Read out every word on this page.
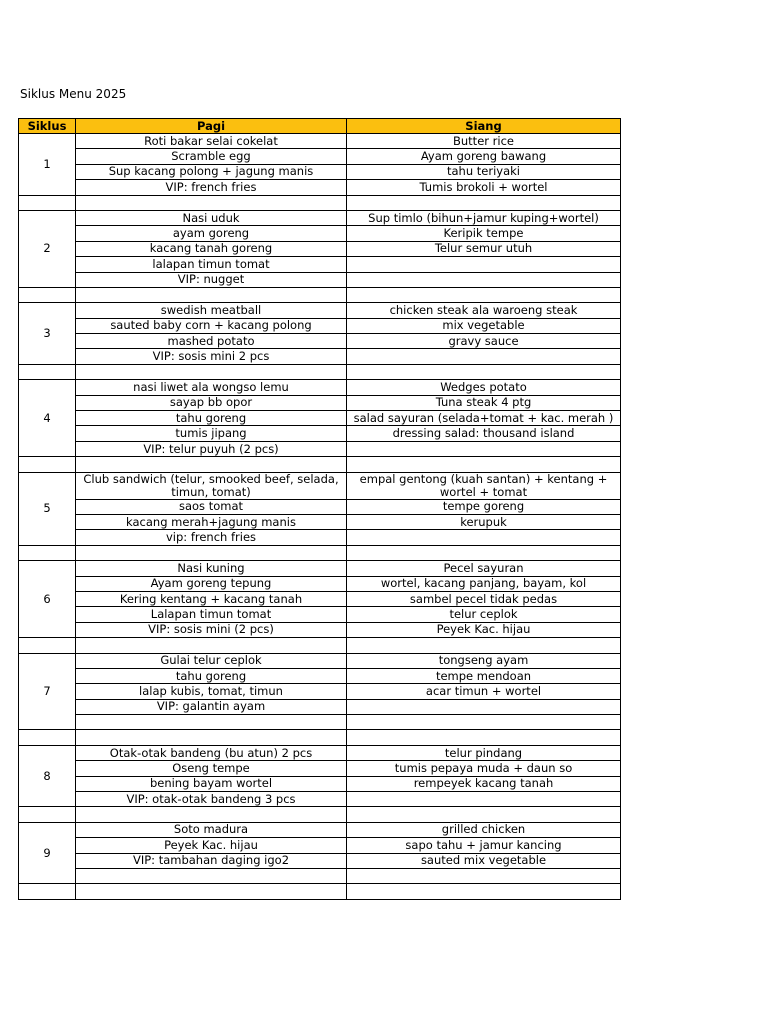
Siklus Menu 2025
Siklus	Pagi	Siang
1	Roti bakar selai cokelat	Butter rice
	Scramble egg	Ayam goreng bawang
	Sup kacang polong + jagung manis	tahu teriyaki
	VIP: french fries	Tumis brokoli + wortel

2	Nasi uduk	Sup timlo (bihun+jamur kuping+wortel)
	ayam goreng	Keripik tempe
	kacang tanah goreng	Telur semur utuh
	lalapan timun tomat	
	VIP: nugget	

3	swedish meatball	chicken steak ala waroeng steak
	sauted baby corn + kacang polong	mix vegetable
	mashed potato	gravy sauce
	VIP: sosis mini 2 pcs	

4	nasi liwet ala wongso lemu	Wedges potato
	sayap bb opor	Tuna steak 4 ptg
	tahu goreng	salad sayuran (selada+tomat + kac. merah )
	tumis jipang	dressing salad: thousand island
	VIP: telur puyuh (2 pcs)	

5	Club sandwich (telur, smooked beef, selada, timun, tomat)	empal gentong (kuah santan) + kentang + wortel + tomat
	saos tomat	tempe goreng
	kacang merah+jagung manis	kerupuk
	vip: french fries	

6	Nasi kuning	Pecel sayuran
	Ayam goreng tepung	wortel, kacang panjang, bayam, kol
	Kering kentang + kacang tanah	sambel pecel tidak pedas
	Lalapan timun tomat	telur ceplok
	VIP: sosis mini (2 pcs)	Peyek Kac. hijau

7	Gulai telur ceplok	tongseng ayam
	tahu goreng	tempe mendoan
	lalap kubis, tomat, timun	acar timun + wortel
	VIP: galantin ayam	

8	Otak-otak bandeng (bu atun) 2 pcs	telur pindang
	Oseng tempe	tumis pepaya muda + daun so
	bening bayam wortel	rempeyek kacang tanah
	VIP: otak-otak bandeng 3 pcs	

9	Soto madura	grilled chicken
	Peyek Kac. hijau	sapo tahu + jamur kancing
	VIP: tambahan daging igo2	sauted mix vegetable
